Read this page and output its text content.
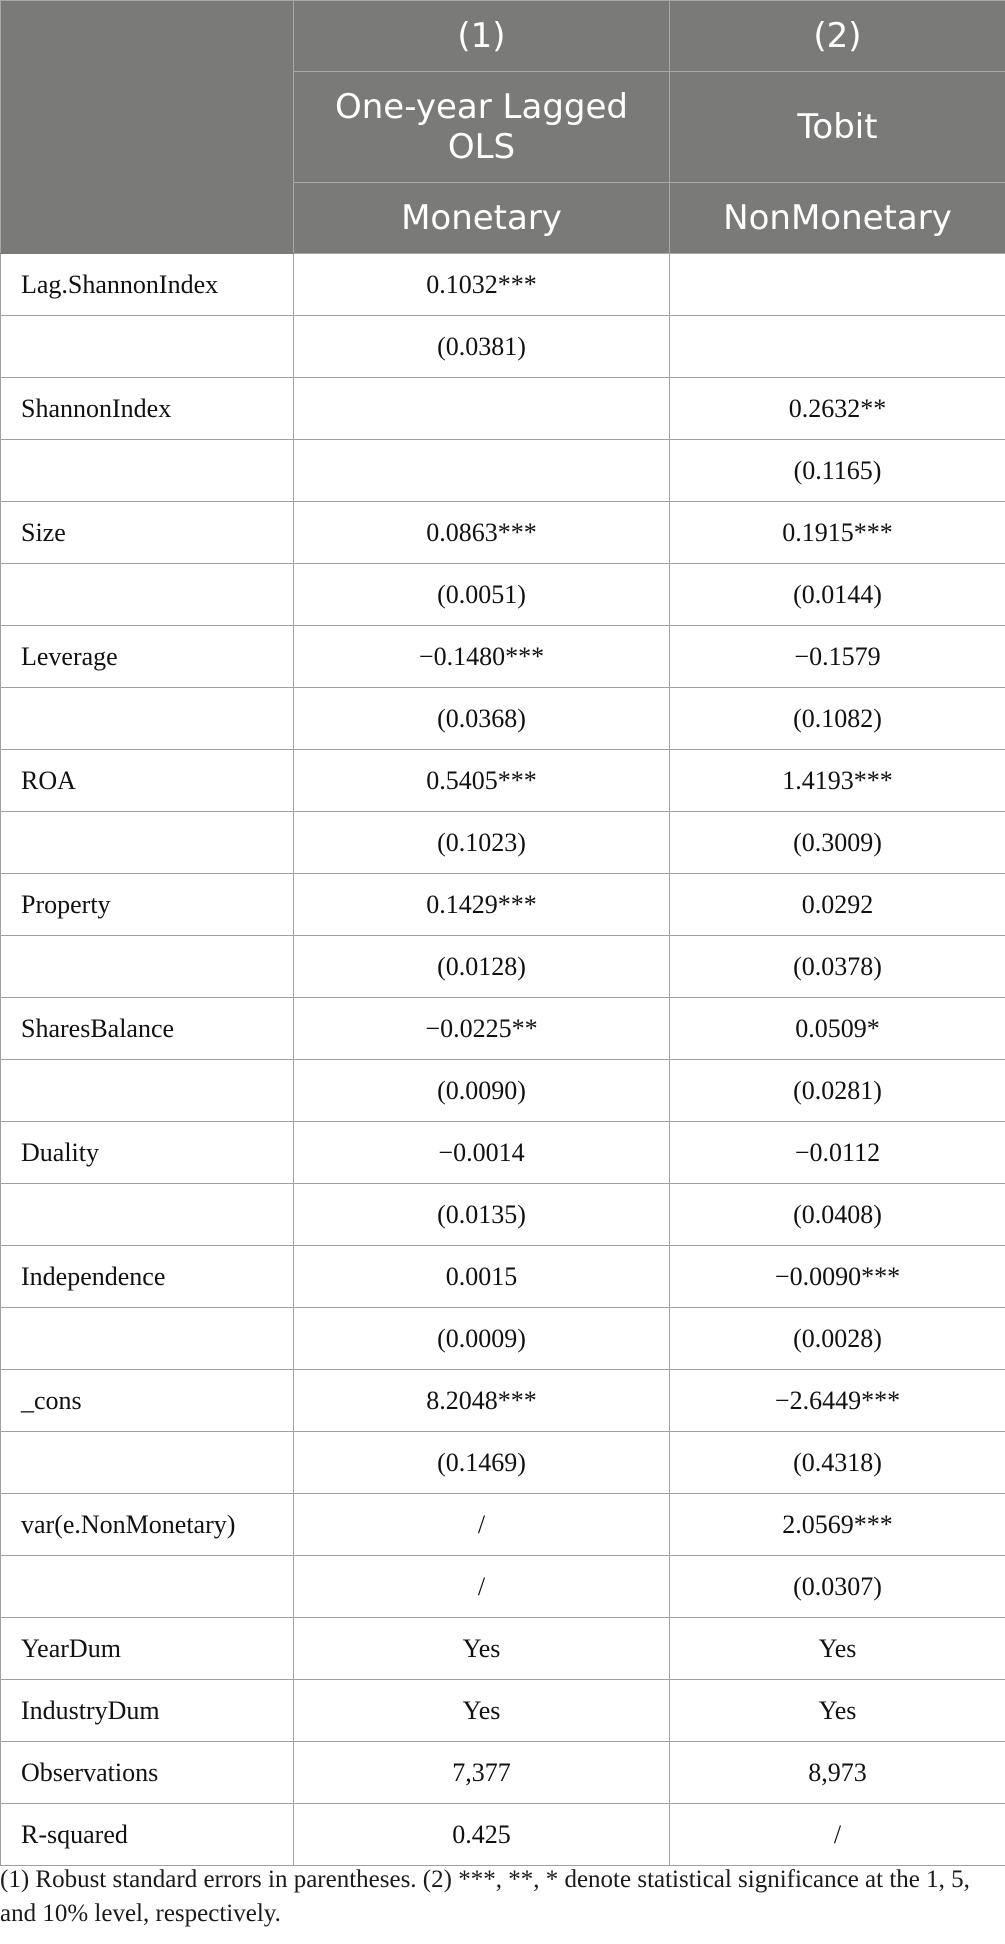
	(1)	(2)
	One-year Lagged OLS	Tobit
	Monetary	NonMonetary
Lag.ShannonIndex	0.1032***	
	(0.0381)	
ShannonIndex		0.2632**
		(0.1165)
Size	0.0863***	0.1915***
	(0.0051)	(0.0144)
Leverage	−0.1480***	−0.1579
	(0.0368)	(0.1082)
ROA	0.5405***	1.4193***
	(0.1023)	(0.3009)
Property	0.1429***	0.0292
	(0.0128)	(0.0378)
SharesBalance	−0.0225**	0.0509*
	(0.0090)	(0.0281)
Duality	−0.0014	−0.0112
	(0.0135)	(0.0408)
Independence	0.0015	−0.0090***
	(0.0009)	(0.0028)
_cons	8.2048***	−2.6449***
	(0.1469)	(0.4318)
var(e.NonMonetary)	/	2.0569***
	/	(0.0307)
YearDum	Yes	Yes
IndustryDum	Yes	Yes
Observations	7,377	8,973
R-squared	0.425	/

(1) Robust standard errors in parentheses. (2) ***, **, * denote statistical significance at the 1, 5, and 10% level, respectively.
